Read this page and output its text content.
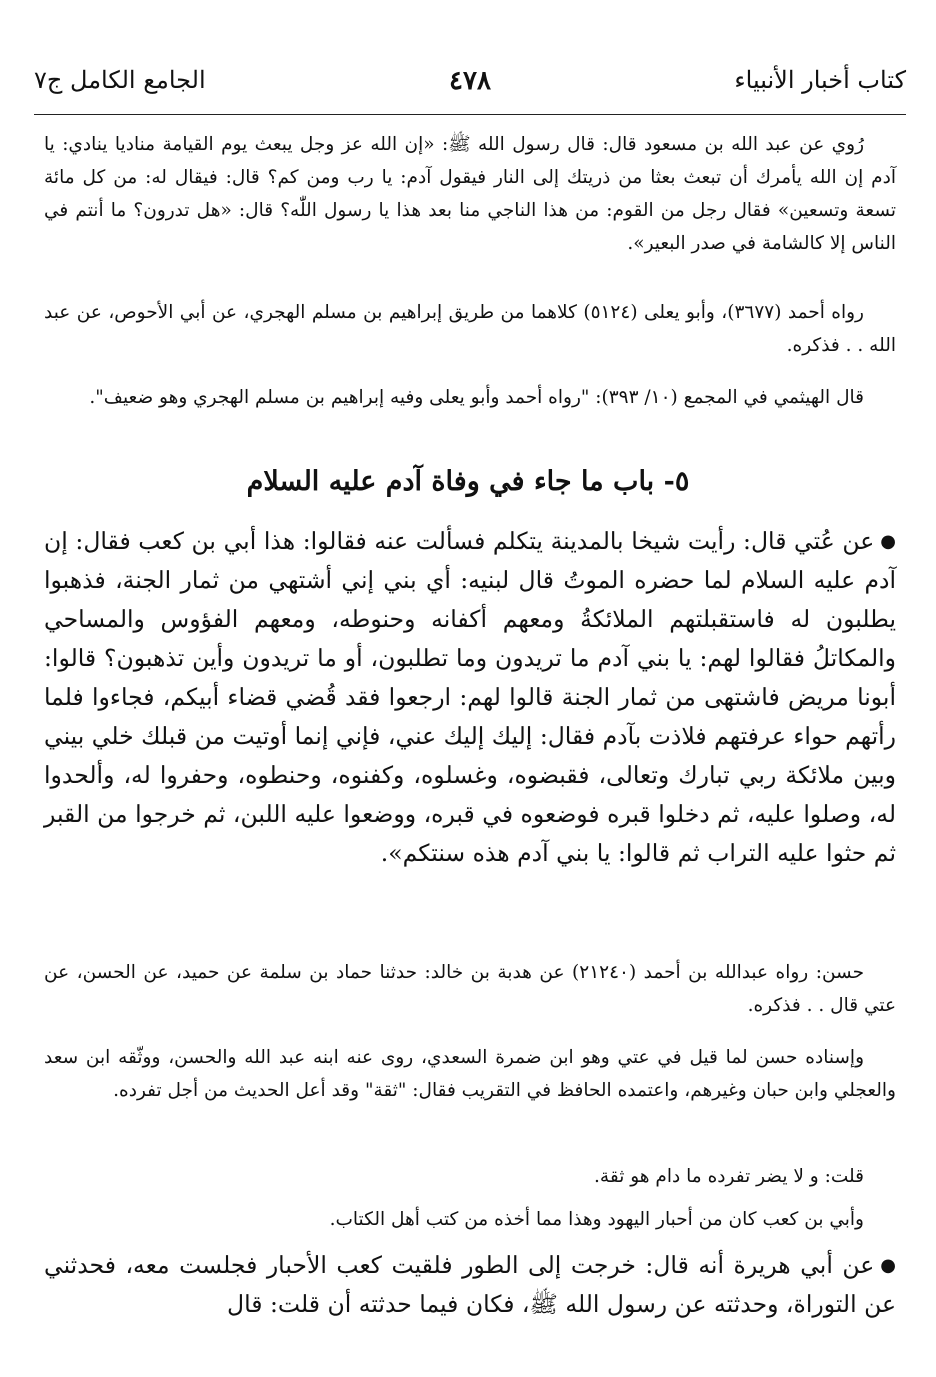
كتاب أخبار الأنبياء
٤٧٨
الجامع الكامل ج٧

رُوي عن عبد الله بن مسعود قال: قال رسول الله ﷺ: «إن الله عز وجل يبعث يوم القيامة مناديا ينادي: يا آدم إن الله يأمرك أن تبعث بعثا من ذريتك إلى النار فيقول آدم: يا رب ومن كم؟ قال: فيقال له: من كل مائة تسعة وتسعين» فقال رجل من القوم: من هذا الناجي منا بعد هذا يا رسول اللّٰه؟ قال: «هل تدرون؟ ما أنتم في الناس إلا كالشامة في صدر البعير».

رواه أحمد (٣٦٧٧)، وأبو يعلى (٥١٢٤) كلاهما من طريق إبراهيم بن مسلم الهجري، عن أبي الأحوص، عن عبد الله . . فذكره.

قال الهيثمي في المجمع (١٠/ ٣٩٣): "رواه أحمد وأبو يعلى وفيه إبراهيم بن مسلم الهجري وهو ضعيف".

٥- باب ما جاء في وفاة آدم عليه السلام

●عن عُتي قال: رأيت شيخا بالمدينة يتكلم فسألت عنه فقالوا: هذا أبي بن كعب فقال: إن آدم عليه السلام لما حضره الموتُ قال لبنيه: أي بني إني أشتهي من ثمار الجنة، فذهبوا يطلبون له فاستقبلتهم الملائكةُ ومعهم أكفانه وحنوطه، ومعهم الفؤوس والمساحي والمكاتلُ فقالوا لهم: يا بني آدم ما تريدون وما تطلبون، أو ما تريدون وأين تذهبون؟ قالوا: أبونا مريض فاشتهى من ثمار الجنة قالوا لهم: ارجعوا فقد قُضي قضاء أبيكم، فجاءوا فلما رأتهم حواء عرفتهم فلاذت بآدم فقال: إليك إليك عني، فإني إنما أوتيت من قبلك خلي بيني وبين ملائكة ربي تبارك وتعالى، فقبضوه، وغسلوه، وكفنوه، وحنطوه، وحفروا له، وألحدوا له، وصلوا عليه، ثم دخلوا قبره فوضعوه في قبره، ووضعوا عليه اللبن، ثم خرجوا من القبر ثم حثوا عليه التراب ثم قالوا: يا بني آدم هذه سنتكم».

حسن: رواه عبدالله بن أحمد (٢١٢٤٠) عن هدبة بن خالد: حدثنا حماد بن سلمة عن حميد، عن الحسن، عن عتي قال . . فذكره.

وإسناده حسن لما قيل في عتي وهو ابن ضمرة السعدي، روى عنه ابنه عبد الله والحسن، ووثّقه ابن سعد والعجلي وابن حبان وغيرهم، واعتمده الحافظ في التقريب فقال: "ثقة" وقد أعل الحديث من أجل تفرده.

قلت: و لا يضر تفرده ما دام هو ثقة.

وأبي بن كعب كان من أحبار اليهود وهذا مما أخذه من كتب أهل الكتاب.

●عن أبي هريرة أنه قال: خرجت إلى الطور فلقيت كعب الأحبار فجلست معه، فحدثني عن التوراة، وحدثته عن رسول الله ﷺ، فكان فيما حدثته أن قلت: قال
